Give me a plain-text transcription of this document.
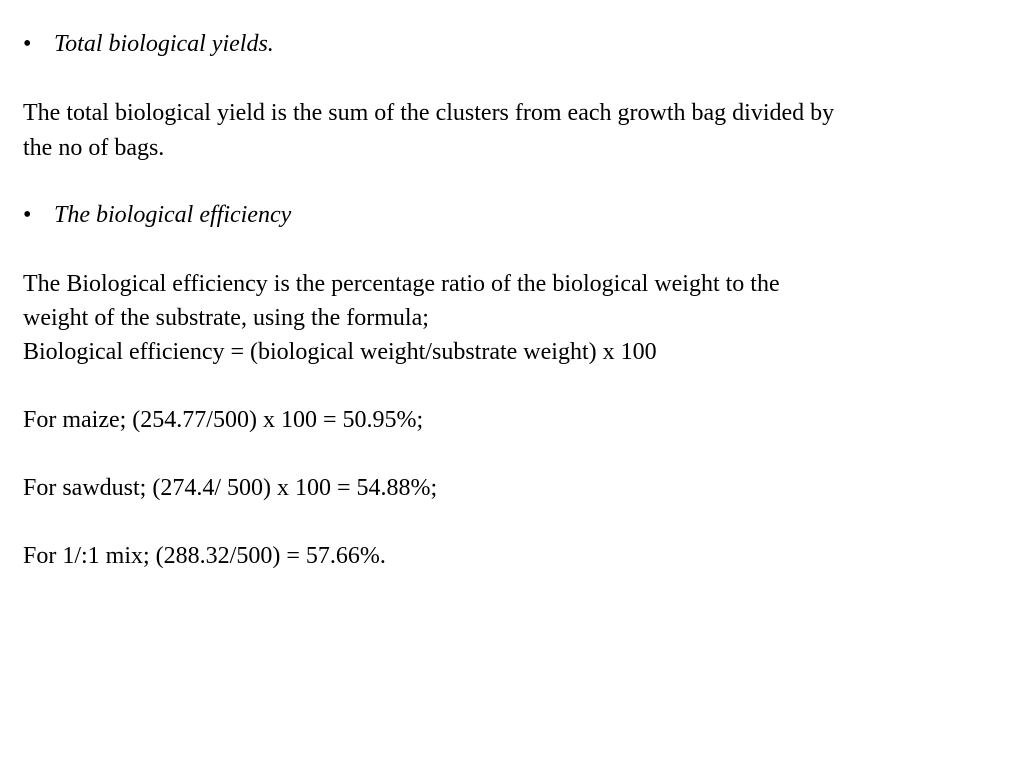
• Total biological yields.
The total biological yield is the sum of the clusters from each growth bag divided by
the no of bags.
• The biological efficiency
The Biological efficiency is the percentage ratio of the biological weight to the
weight of the substrate, using the formula;
Biological efficiency = (biological weight/substrate weight) x 100
For maize; (254.77/500) x 100 = 50.95%;
For sawdust; (274.4/ 500) x 100 = 54.88%;
For 1/:1 mix; (288.32/500) = 57.66%.
